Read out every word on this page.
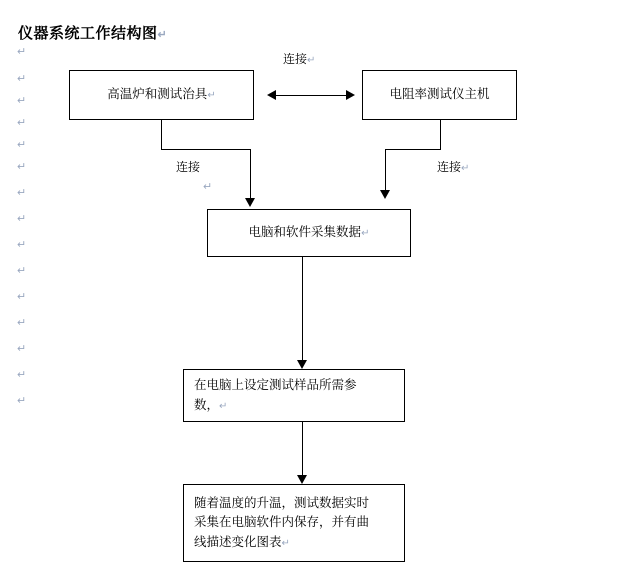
仪器系统工作结构图↵
↵
↵
↵
↵
↵
↵
↵
↵
↵
↵
↵
↵
↵
↵
↵
高温炉和测试治具↵	电阻率测试仪主机
连接↵
连接
↵
连接↵
电脑和软件采集数据↵
在电脑上设定测试样品所需参
数，↵
随着温度的升温，测试数据实时
采集在电脑软件内保存，并有曲
线描述变化图表↵
